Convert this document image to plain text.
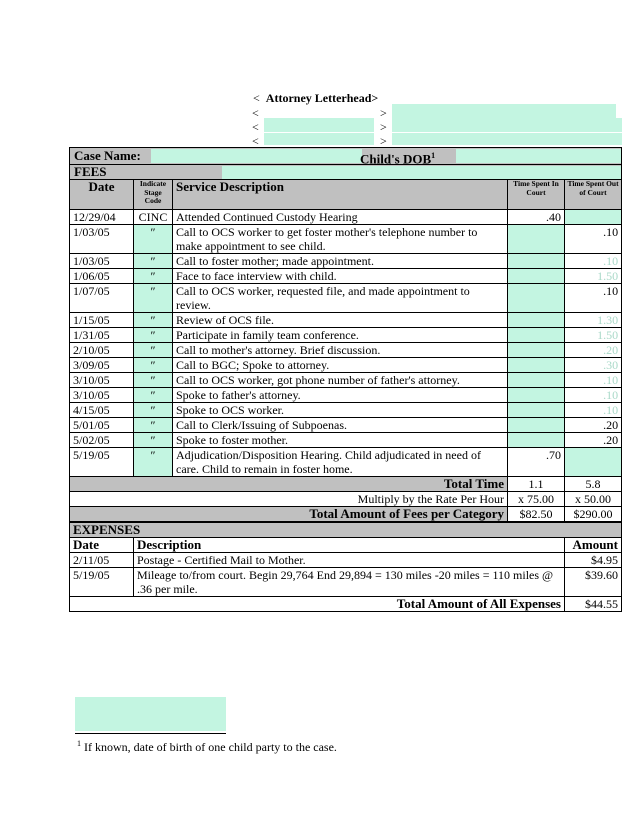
< Attorney Letterhead>
<	>
<	>
<	>
Case Name: Child's DOB$^1$

FEES				

Date	Indicate Stage Code	Service Description	Time Spent In Court	Time Spent Out of Court
12/29/04	CINC	Attended Continued Custody Hearing	.40	
1/03/05	″	Call to OCS worker to get foster mother's telephone number to make appointment to see child.		.10
1/03/05	″	Call to foster mother; made appointment.		.10
1/06/05	″	Face to face interview with child.		1.50
1/07/05	″	Call to OCS worker, requested file, and made appointment to review.		.10
1/15/05	″	Review of OCS file.		1.30
1/31/05	″	Participate in family team conference.		1.50
2/10/05	″	Call to mother's attorney. Brief discussion.		.20
3/09/05	″	Call to BGC; Spoke to attorney.		.30
3/10/05	″	Call to OCS worker, got phone number of father's attorney.		.10
3/10/05	″	Spoke to father's attorney.		.10
4/15/05	″	Spoke to OCS worker.		.10
5/01/05	″	Call to Clerk/Issuing of Subpoenas.		.20
5/02/05	″	Spoke to foster mother.		.20
5/19/05	″	Adjudication/Disposition Hearing. Child adjudicated in need of care. Child to remain in foster home.	.70	
Total Time			1.1	5.8
Multiply by the Rate Per Hour			x 75.00	x 50.00
Total Amount of Fees per Category			$82.50	$290.00
EXPENSES		
Date	Description	Amount
2/11/05	Postage - Certified Mail to Mother.	$4.95
5/19/05	Mileage to/from court. Begin 29,764 End 29,894 = 130 miles -20 miles = 110 miles @ .36 per mile.	$39.60
Total Amount of All Expenses		$44.55
$^1$ If known, date of birth of one child party to the case.
